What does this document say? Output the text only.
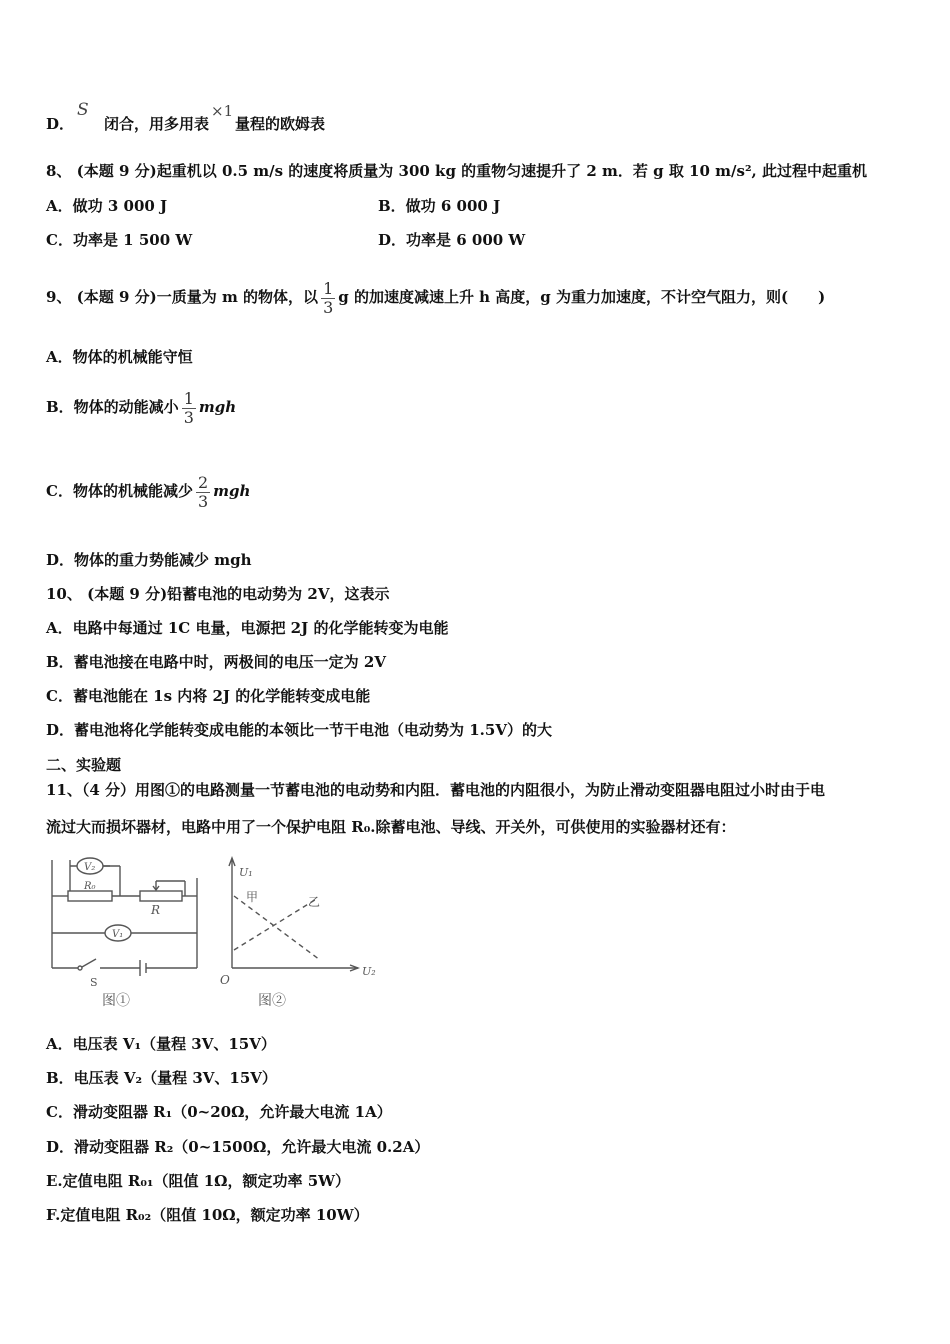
D． 闭合，用多用表 量程的欧姆表
S	×1
8、 (本题 9 分)起重机以 0.5 m/s 的速度将质量为 300 kg 的重物匀速提升了 2 m．若 g 取 10 m/s², 此过程中起重机
A．做功 3 000 J	B．做功 6 000 J
C．功率是 1 500 W	D．功率是 6 000 W
9、 (本题 9 分)一质量为 m 的物体，以 $\frac{1}{3}$ g 的加速度减速上升 h 高度，g 为重力加速度，不计空气阻力，则(　　)
A．物体的机械能守恒
B．物体的动能减小 $\frac{1}{3}$ mgh
C．物体的机械能减少 $\frac{2}{3}$ mgh
D．物体的重力势能减少 mgh
10、 (本题 9 分)铅蓄电池的电动势为 2V，这表示
A．电路中每通过 1C 电量，电源把 2J 的化学能转变为电能
B．蓄电池接在电路中时，两极间的电压一定为 2V
C．蓄电池能在 1s 内将 2J 的化学能转变成电能
D．蓄电池将化学能转变成电能的本领比一节干电池（电动势为 1.5V）的大
二、实验题
11、（4 分）用图①的电路测量一节蓄电池的电动势和内阻．蓄电池的内阻很小，为防止滑动变阻器电阻过小时由于电
流过大而损坏器材，电路中用了一个保护电阻 R₀.除蓄电池、导线、开关外，可供使用的实验器材还有：
V₂
R₀
R
V₁
S
图①
U₁
U₂
O
甲	乙
图②
A．电压表 V₁（量程 3V、15V）
B．电压表 V₂（量程 3V、15V）
C．滑动变阻器 R₁（0~20Ω，允许最大电流 1A）
D．滑动变阻器 R₂（0~1500Ω，允许最大电流 0.2A）
E.定值电阻 R₀₁（阻值 1Ω，额定功率 5W）
F.定值电阻 R₀₂（阻值 10Ω，额定功率 10W）
